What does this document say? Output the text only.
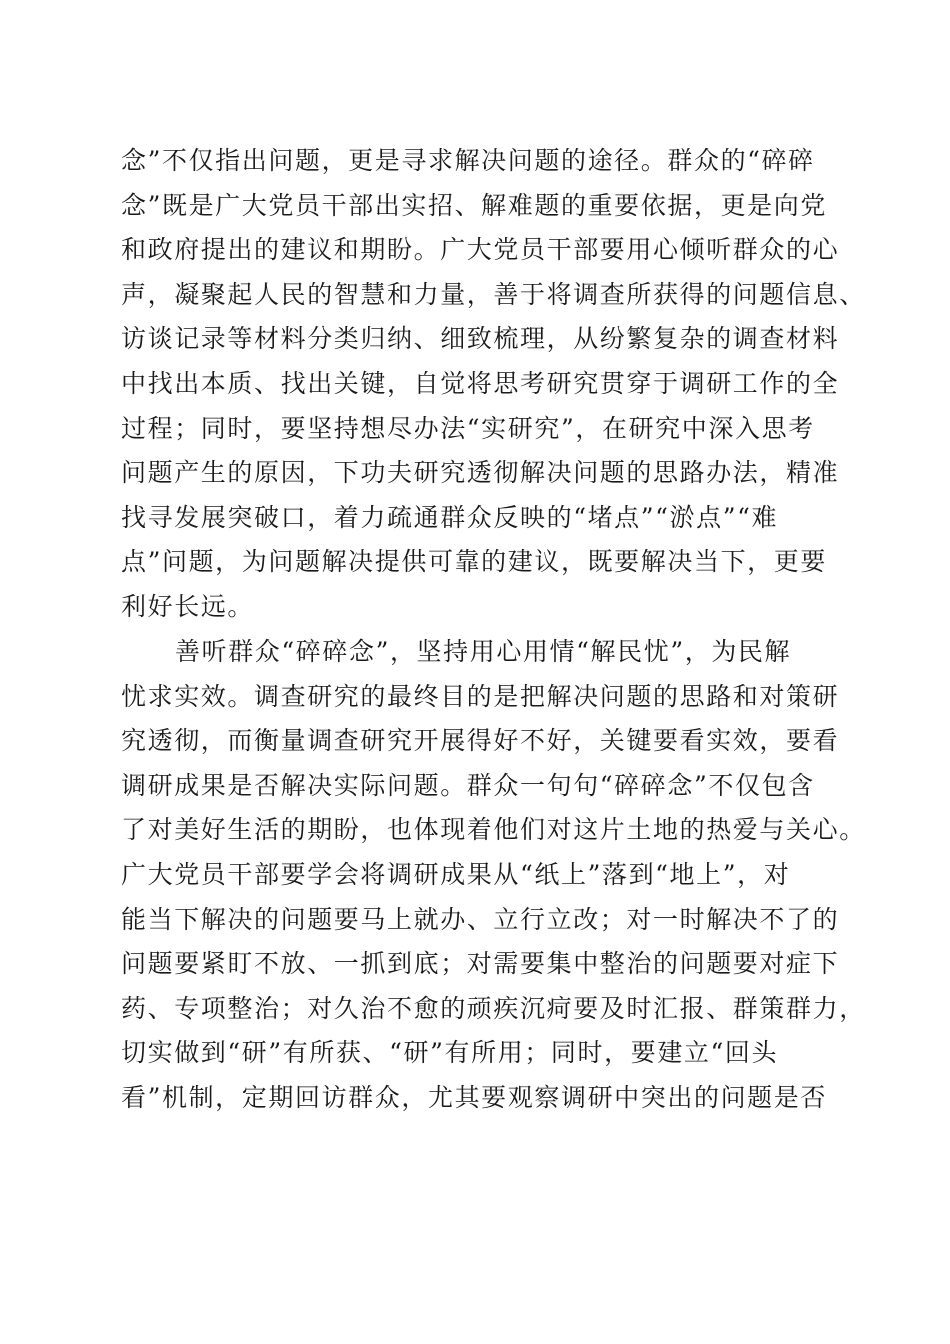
念”不仅指出问题，更是寻求解决问题的途径。群众的“碎碎
念”既是广大党员干部出实招、解难题的重要依据，更是向党
和政府提出的建议和期盼。广大党员干部要用心倾听群众的心
声，凝聚起人民的智慧和力量，善于将调查所获得的问题信息、
访谈记录等材料分类归纳、细致梳理，从纷繁复杂的调查材料
中找出本质、找出关键，自觉将思考研究贯穿于调研工作的全
过程；同时，要坚持想尽办法“实研究”，在研究中深入思考
问题产生的原因，下功夫研究透彻解决问题的思路办法，精准
找寻发展突破口，着力疏通群众反映的“堵点”“淤点”“难
点”问题，为问题解决提供可靠的建议，既要解决当下，更要
利好长远。
善听群众“碎碎念”，坚持用心用情“解民忧”，为民解
忧求实效。调查研究的最终目的是把解决问题的思路和对策研
究透彻，而衡量调查研究开展得好不好，关键要看实效，要看
调研成果是否解决实际问题。群众一句句“碎碎念”不仅包含
了对美好生活的期盼，也体现着他们对这片土地的热爱与关心。
广大党员干部要学会将调研成果从“纸上”落到“地上”，对
能当下解决的问题要马上就办、立行立改；对一时解决不了的
问题要紧盯不放、一抓到底；对需要集中整治的问题要对症下
药、专项整治；对久治不愈的顽疾沉疴要及时汇报、群策群力，
切实做到“研”有所获、“研”有所用；同时，要建立“回头
看”机制，定期回访群众，尤其要观察调研中突出的问题是否
